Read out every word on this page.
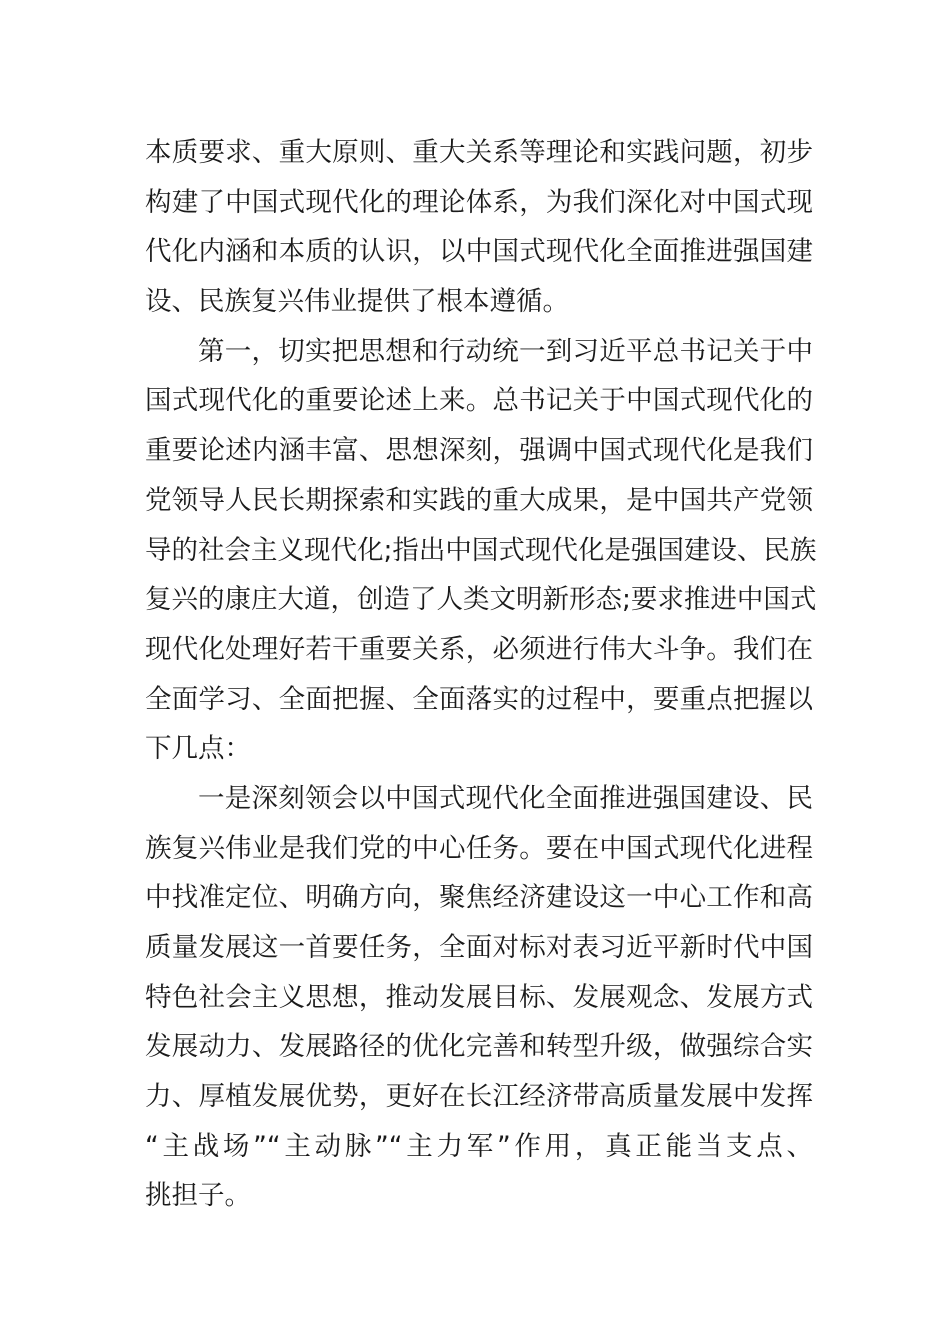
本质要求、重大原则、重大关系等理论和实践问题，初步
构建了中国式现代化的理论体系，为我们深化对中国式现
代化内涵和本质的认识，以中国式现代化全面推进强国建
设、民族复兴伟业提供了根本遵循。
第一，切实把思想和行动统一到习近平总书记关于中
国式现代化的重要论述上来。总书记关于中国式现代化的
重要论述内涵丰富、思想深刻，强调中国式现代化是我们
党领导人民长期探索和实践的重大成果，是中国共产党领
导的社会主义现代化;指出中国式现代化是强国建设、民族
复兴的康庄大道，创造了人类文明新形态;要求推进中国式
现代化处理好若干重要关系，必须进行伟大斗争。我们在
全面学习、全面把握、全面落实的过程中，要重点把握以
下几点：
一是深刻领会以中国式现代化全面推进强国建设、民
族复兴伟业是我们党的中心任务。要在中国式现代化进程
中找准定位、明确方向，聚焦经济建设这一中心工作和高
质量发展这一首要任务，全面对标对表习近平新时代中国
特色社会主义思想，推动发展目标、发展观念、发展方式
发展动力、发展路径的优化完善和转型升级，做强综合实
力、厚植发展优势，更好在长江经济带高质量发展中发挥
“主战场”“主动脉”“主力军”作用，真正能当支点、
挑担子。
